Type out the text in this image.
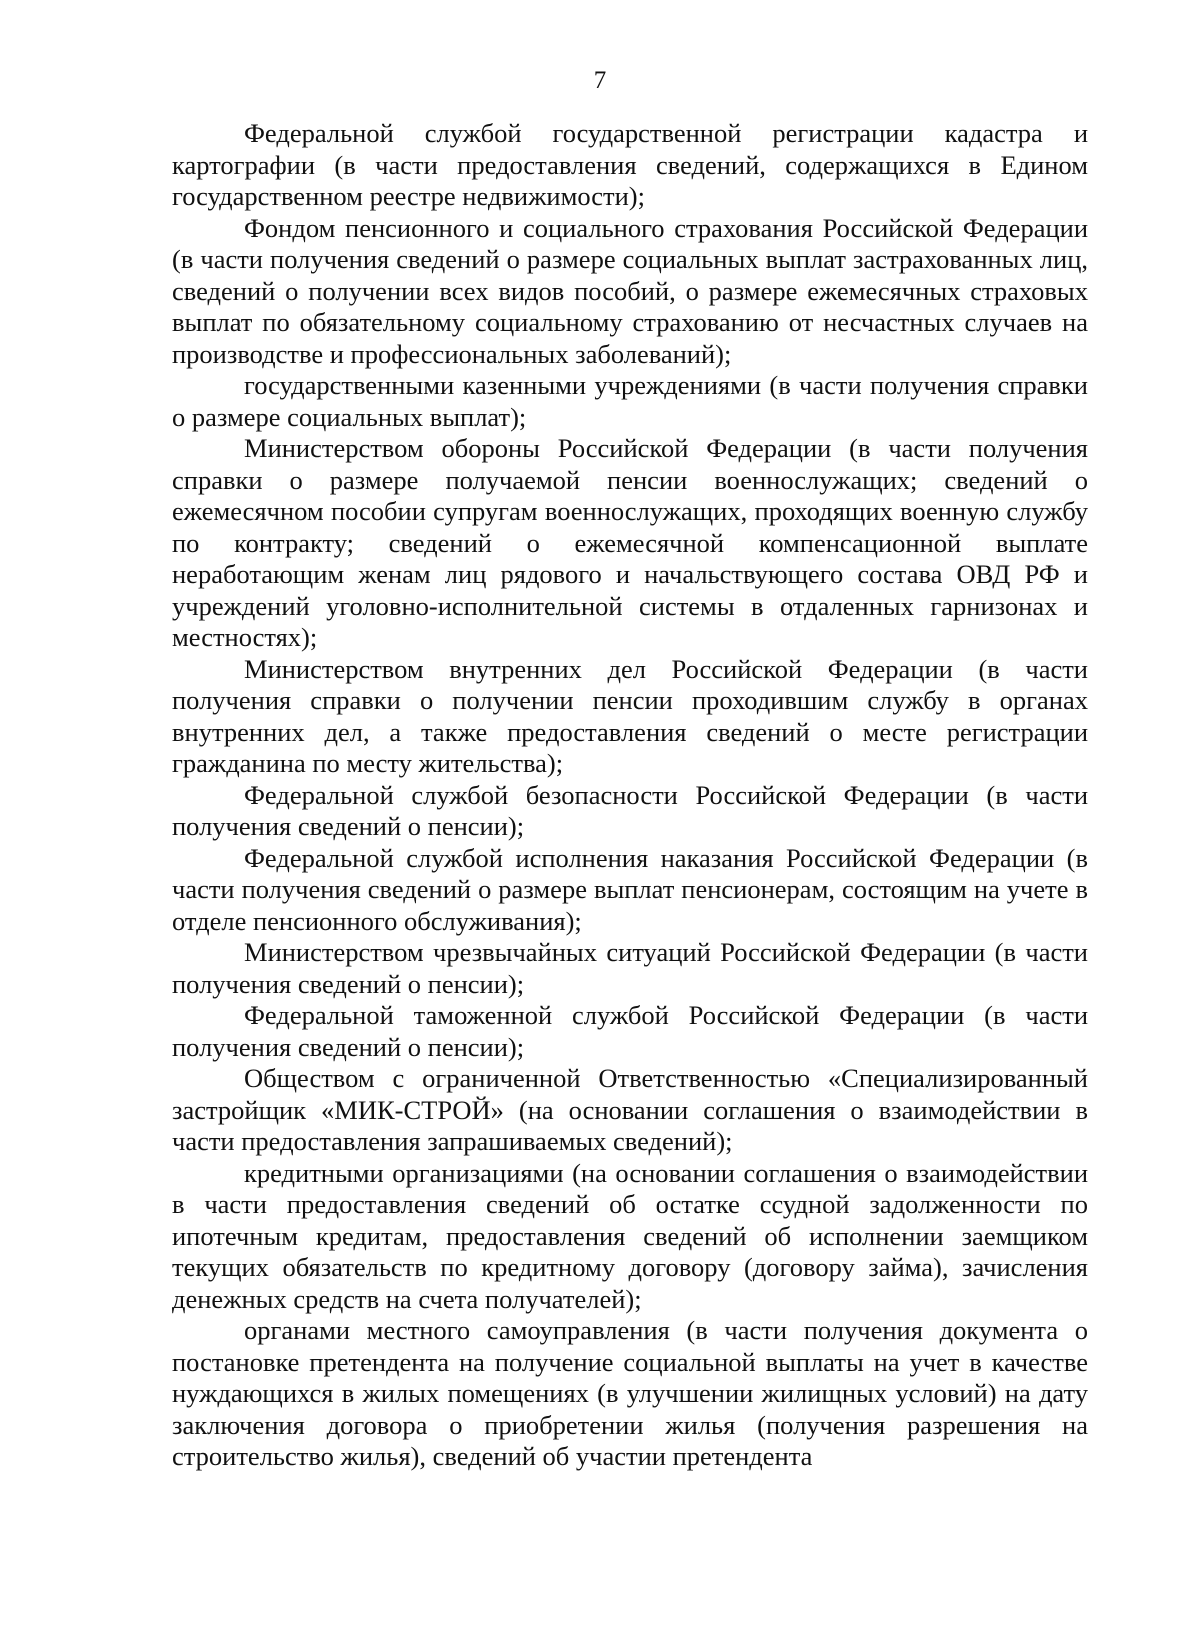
7

Федеральной службой государственной регистрации кадастра и картографии (в части предоставления сведений, содержащихся в Едином государственном реестре недвижимости);

Фондом пенсионного и социального страхования Российской Федерации (в части получения сведений о размере социальных выплат застрахованных лиц, сведений о получении всех видов пособий, о размере ежемесячных страховых выплат по обязательному социальному страхованию от несчастных случаев на производстве и профессиональных заболеваний);

государственными казенными учреждениями (в части получения справки о размере социальных выплат);

Министерством обороны Российской Федерации (в части получения справки о размере получаемой пенсии военнослужащих; сведений о ежемесячном пособии супругам военнослужащих, проходящих военную службу по контракту; сведений о ежемесячной компенсационной выплате неработающим женам лиц рядового и начальствующего состава ОВД РФ и учреждений уголовно-исполнительной системы в отдаленных гарнизонах и местностях);

Министерством внутренних дел Российской Федерации (в части получения справки о получении пенсии проходившим службу в органах внутренних дел, а также предоставления сведений о месте регистрации гражданина по месту жительства);

Федеральной службой безопасности Российской Федерации (в части получения сведений о пенсии);

Федеральной службой исполнения наказания Российской Федерации (в части получения сведений о размере выплат пенсионерам, состоящим на учете в отделе пенсионного обслуживания);

Министерством чрезвычайных ситуаций Российской Федерации (в части получения сведений о пенсии);

Федеральной таможенной службой Российской Федерации (в части получения сведений о пенсии);

Обществом с ограниченной Ответственностью «Специализированный застройщик «МИК-СТРОЙ» (на основании соглашения о взаимодействии в части предоставления запрашиваемых сведений);

кредитными организациями (на основании соглашения о взаимодействии в части предоставления сведений об остатке ссудной задолженности по ипотечным кредитам, предоставления сведений об исполнении заемщиком текущих обязательств по кредитному договору (договору займа), зачисления денежных средств на счета получателей);

органами местного самоуправления (в части получения документа о постановке претендента на получение социальной выплаты на учет в качестве нуждающихся в жилых помещениях (в улучшении жилищных условий) на дату заключения договора о приобретении жилья (получения разрешения на строительство жилья), сведений об участии претендента
